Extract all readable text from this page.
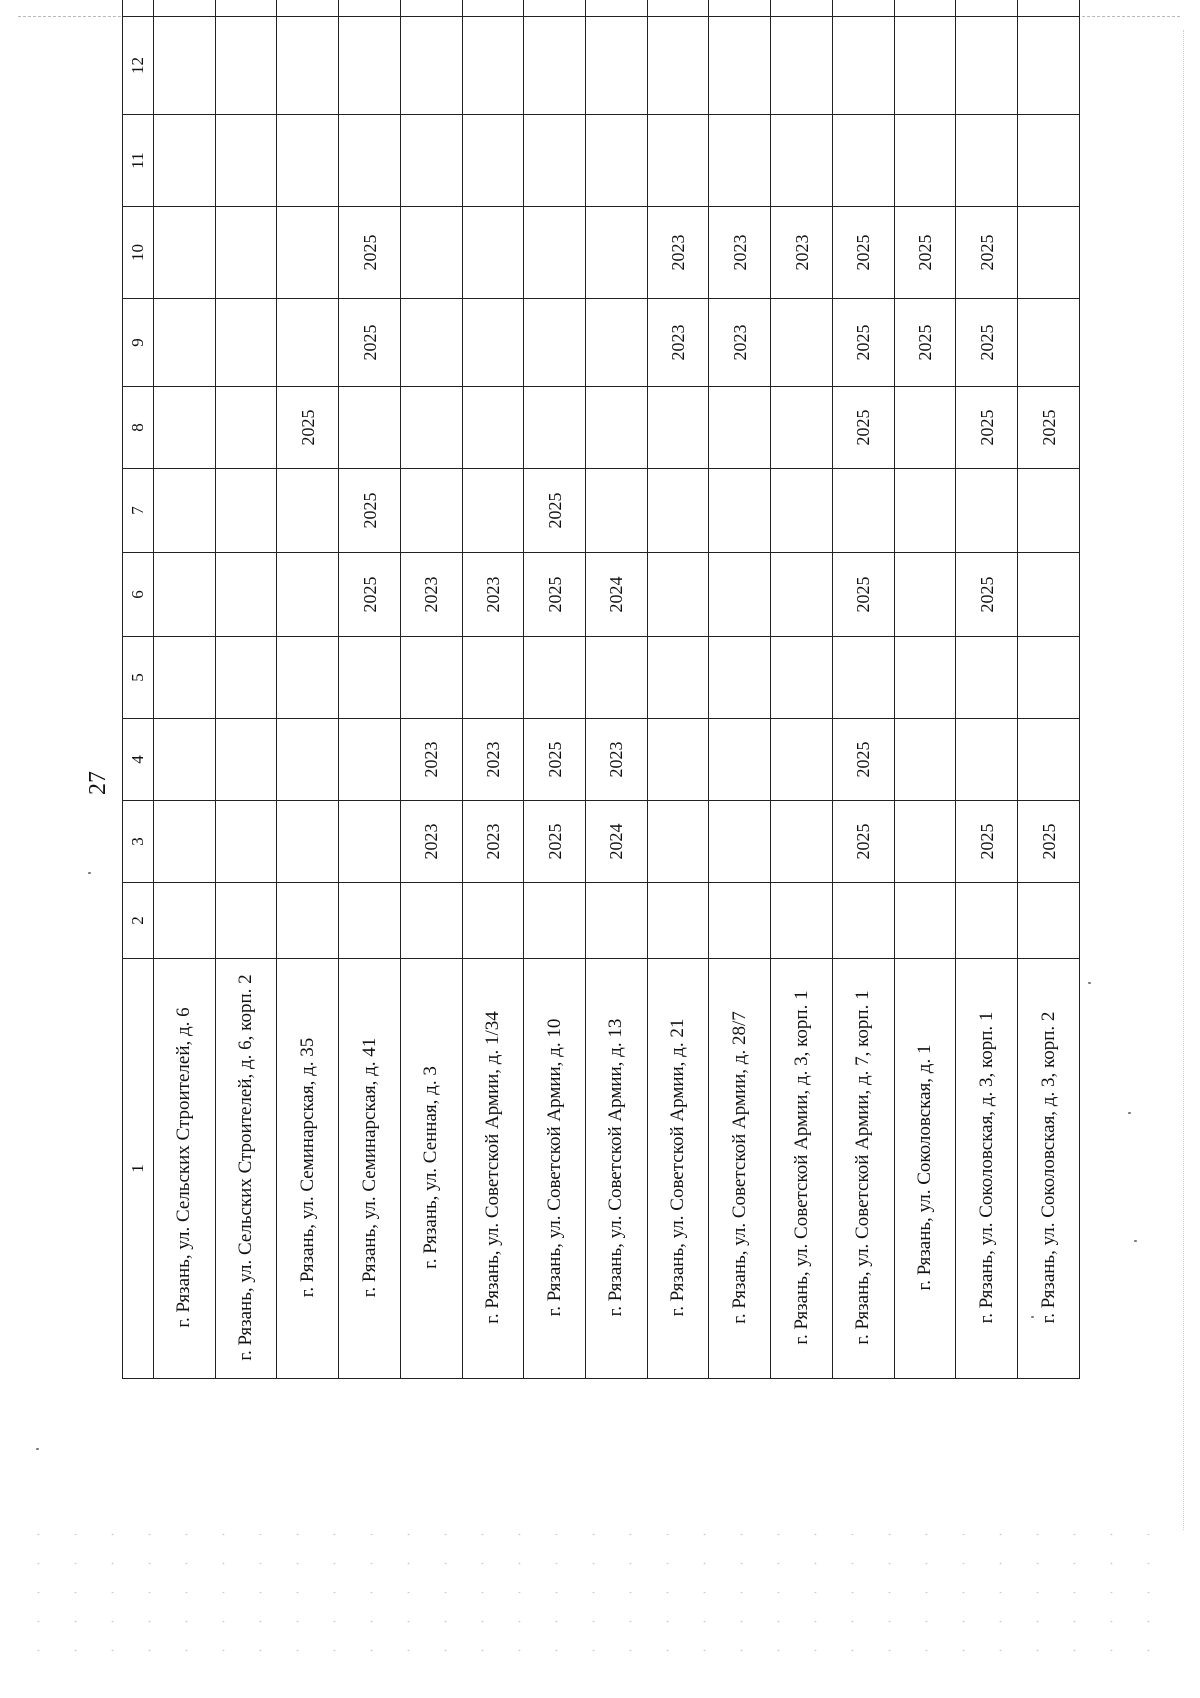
27
1	2	3	4	5	6	7	8	9	10	11	12	
г. Рязань, ул. Сельских Строителей, д. 6												
г. Рязань, ул. Сельских Строителей, д. 6, корп. 2												
г. Рязань, ул. Семинарская, д. 35							2025					
г. Рязань, ул. Семинарская, д. 41					2025	2025		2025	2025			
г. Рязань, ул. Сенная, д. 3		2023	2023		2023							
г. Рязань, ул. Советской Армии, д. 1/34		2023	2023		2023							
г. Рязань, ул. Советской Армии, д. 10		2025	2025		2025	2025						
г. Рязань, ул. Советской Армии, д. 13		2024	2023		2024							
г. Рязань, ул. Советской Армии, д. 21								2023	2023			
г. Рязань, ул. Советской Армии, д. 28/7								2023	2023			
г. Рязань, ул. Советской Армии, д. 3, корп. 1									2023			
г. Рязань, ул. Советской Армии, д. 7, корп. 1		2025	2025		2025		2025	2025	2025			
г. Рязань, ул. Соколовская, д. 1								2025	2025			
г. Рязань, ул. Соколовская, д. 3, корп. 1		2025			2025		2025	2025	2025			
г. Рязань, ул. Соколовская, д. 3, корп. 2		2025					2025					
